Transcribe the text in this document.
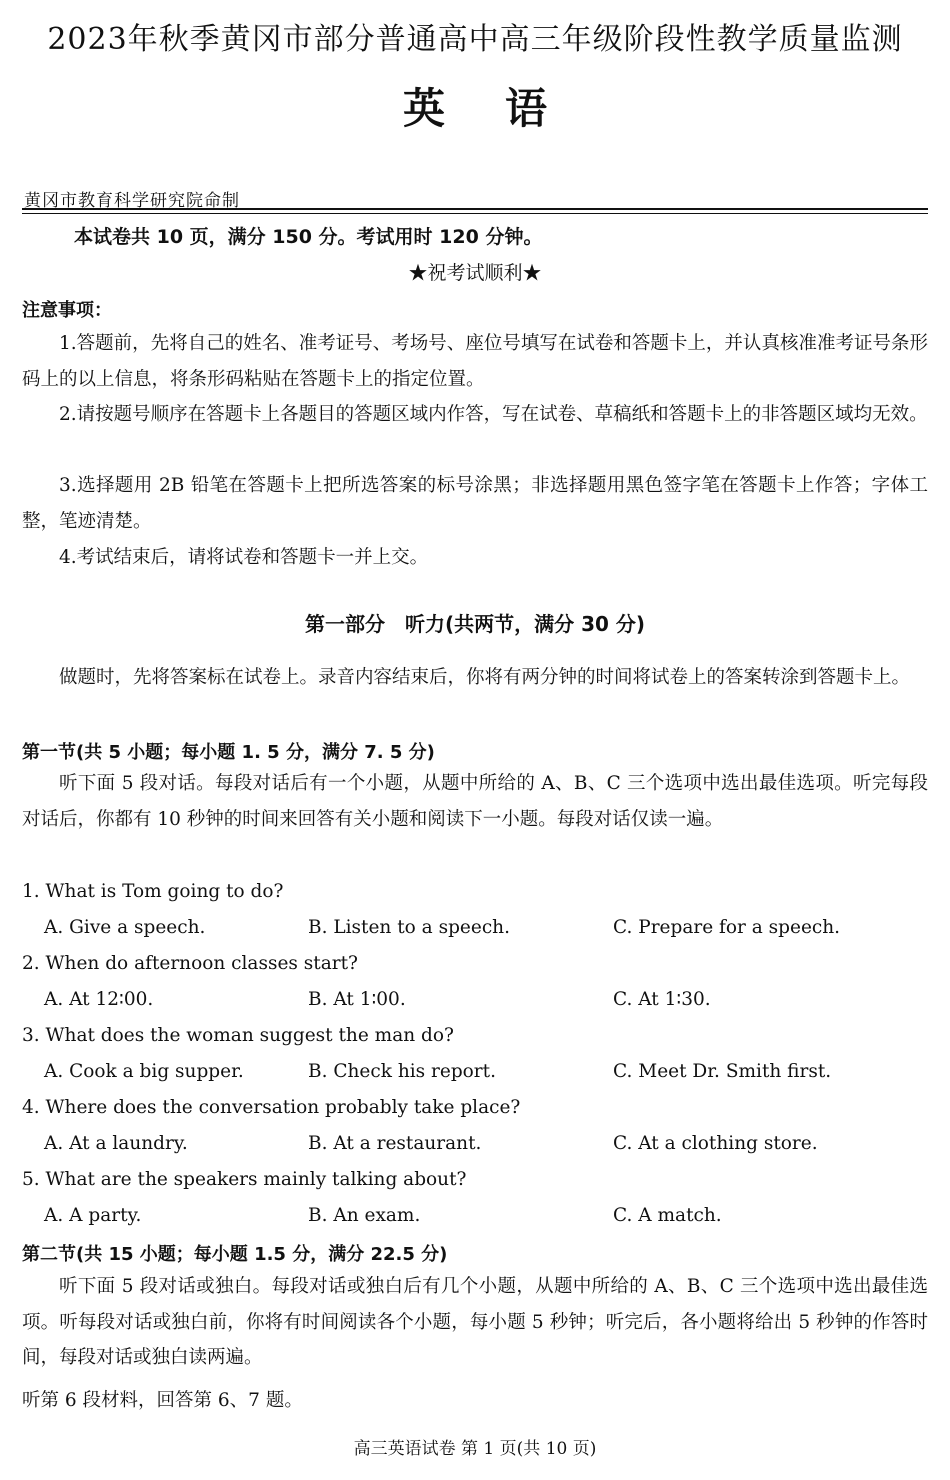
2023年秋季黄冈市部分普通高中高三年级阶段性教学质量监测
英语
黄冈市教育科学研究院命制
本试卷共 10 页，满分 150 分。考试用时 120 分钟。
★祝考试顺利★
注意事项：

1.答题前，先将自己的姓名、准考证号、考场号、座位号填写在试卷和答题卡上，并认真核准准考证号条形码上的以上信息，将条形码粘贴在答题卡上的指定位置。

2.请按题号顺序在答题卡上各题目的答题区域内作答，写在试卷、草稿纸和答题卡上的非答题区域均无效。

3.选择题用 2B 铅笔在答题卡上把所选答案的标号涂黑；非选择题用黑色签字笔在答题卡上作答；字体工整，笔迹清楚。

4.考试结束后，请将试卷和答题卡一并上交。

第一部分　听力(共两节，满分 30 分)

做题时，先将答案标在试卷上。录音内容结束后，你将有两分钟的时间将试卷上的答案转涂到答题卡上。

第一节(共 5 小题；每小题 1. 5 分，满分 7. 5 分)

听下面 5 段对话。每段对话后有一个小题，从题中所给的 A、B、C 三个选项中选出最佳选项。听完每段对话后，你都有 10 秒钟的时间来回答有关小题和阅读下一小题。每段对话仅读一遍。

1. What is Tom going to do?
A. Give a speech.	B. Listen to a speech.	C. Prepare for a speech.
2. When do afternoon classes start?
A. At 12∶00.	B. At 1∶00.	C. At 1∶30.
3. What does the woman suggest the man do?
A. Cook a big supper.	B. Check his report.	C. Meet Dr. Smith first.
4. Where does the conversation probably take place?
A. At a laundry.	B. At a restaurant.	C. At a clothing store.
5. What are the speakers mainly talking about?
A. A party.	B. An exam.	C. A match.
第二节(共 15 小题；每小题 1.5 分，满分 22.5 分)

听下面 5 段对话或独白。每段对话或独白后有几个小题，从题中所给的 A、B、C 三个选项中选出最佳选项。听每段对话或独白前，你将有时间阅读各个小题，每小题 5 秒钟；听完后，各小题将给出 5 秒钟的作答时间，每段对话或独白读两遍。

听第 6 段材料，回答第 6、7 题。
高三英语试卷 第 1 页(共 10 页)
